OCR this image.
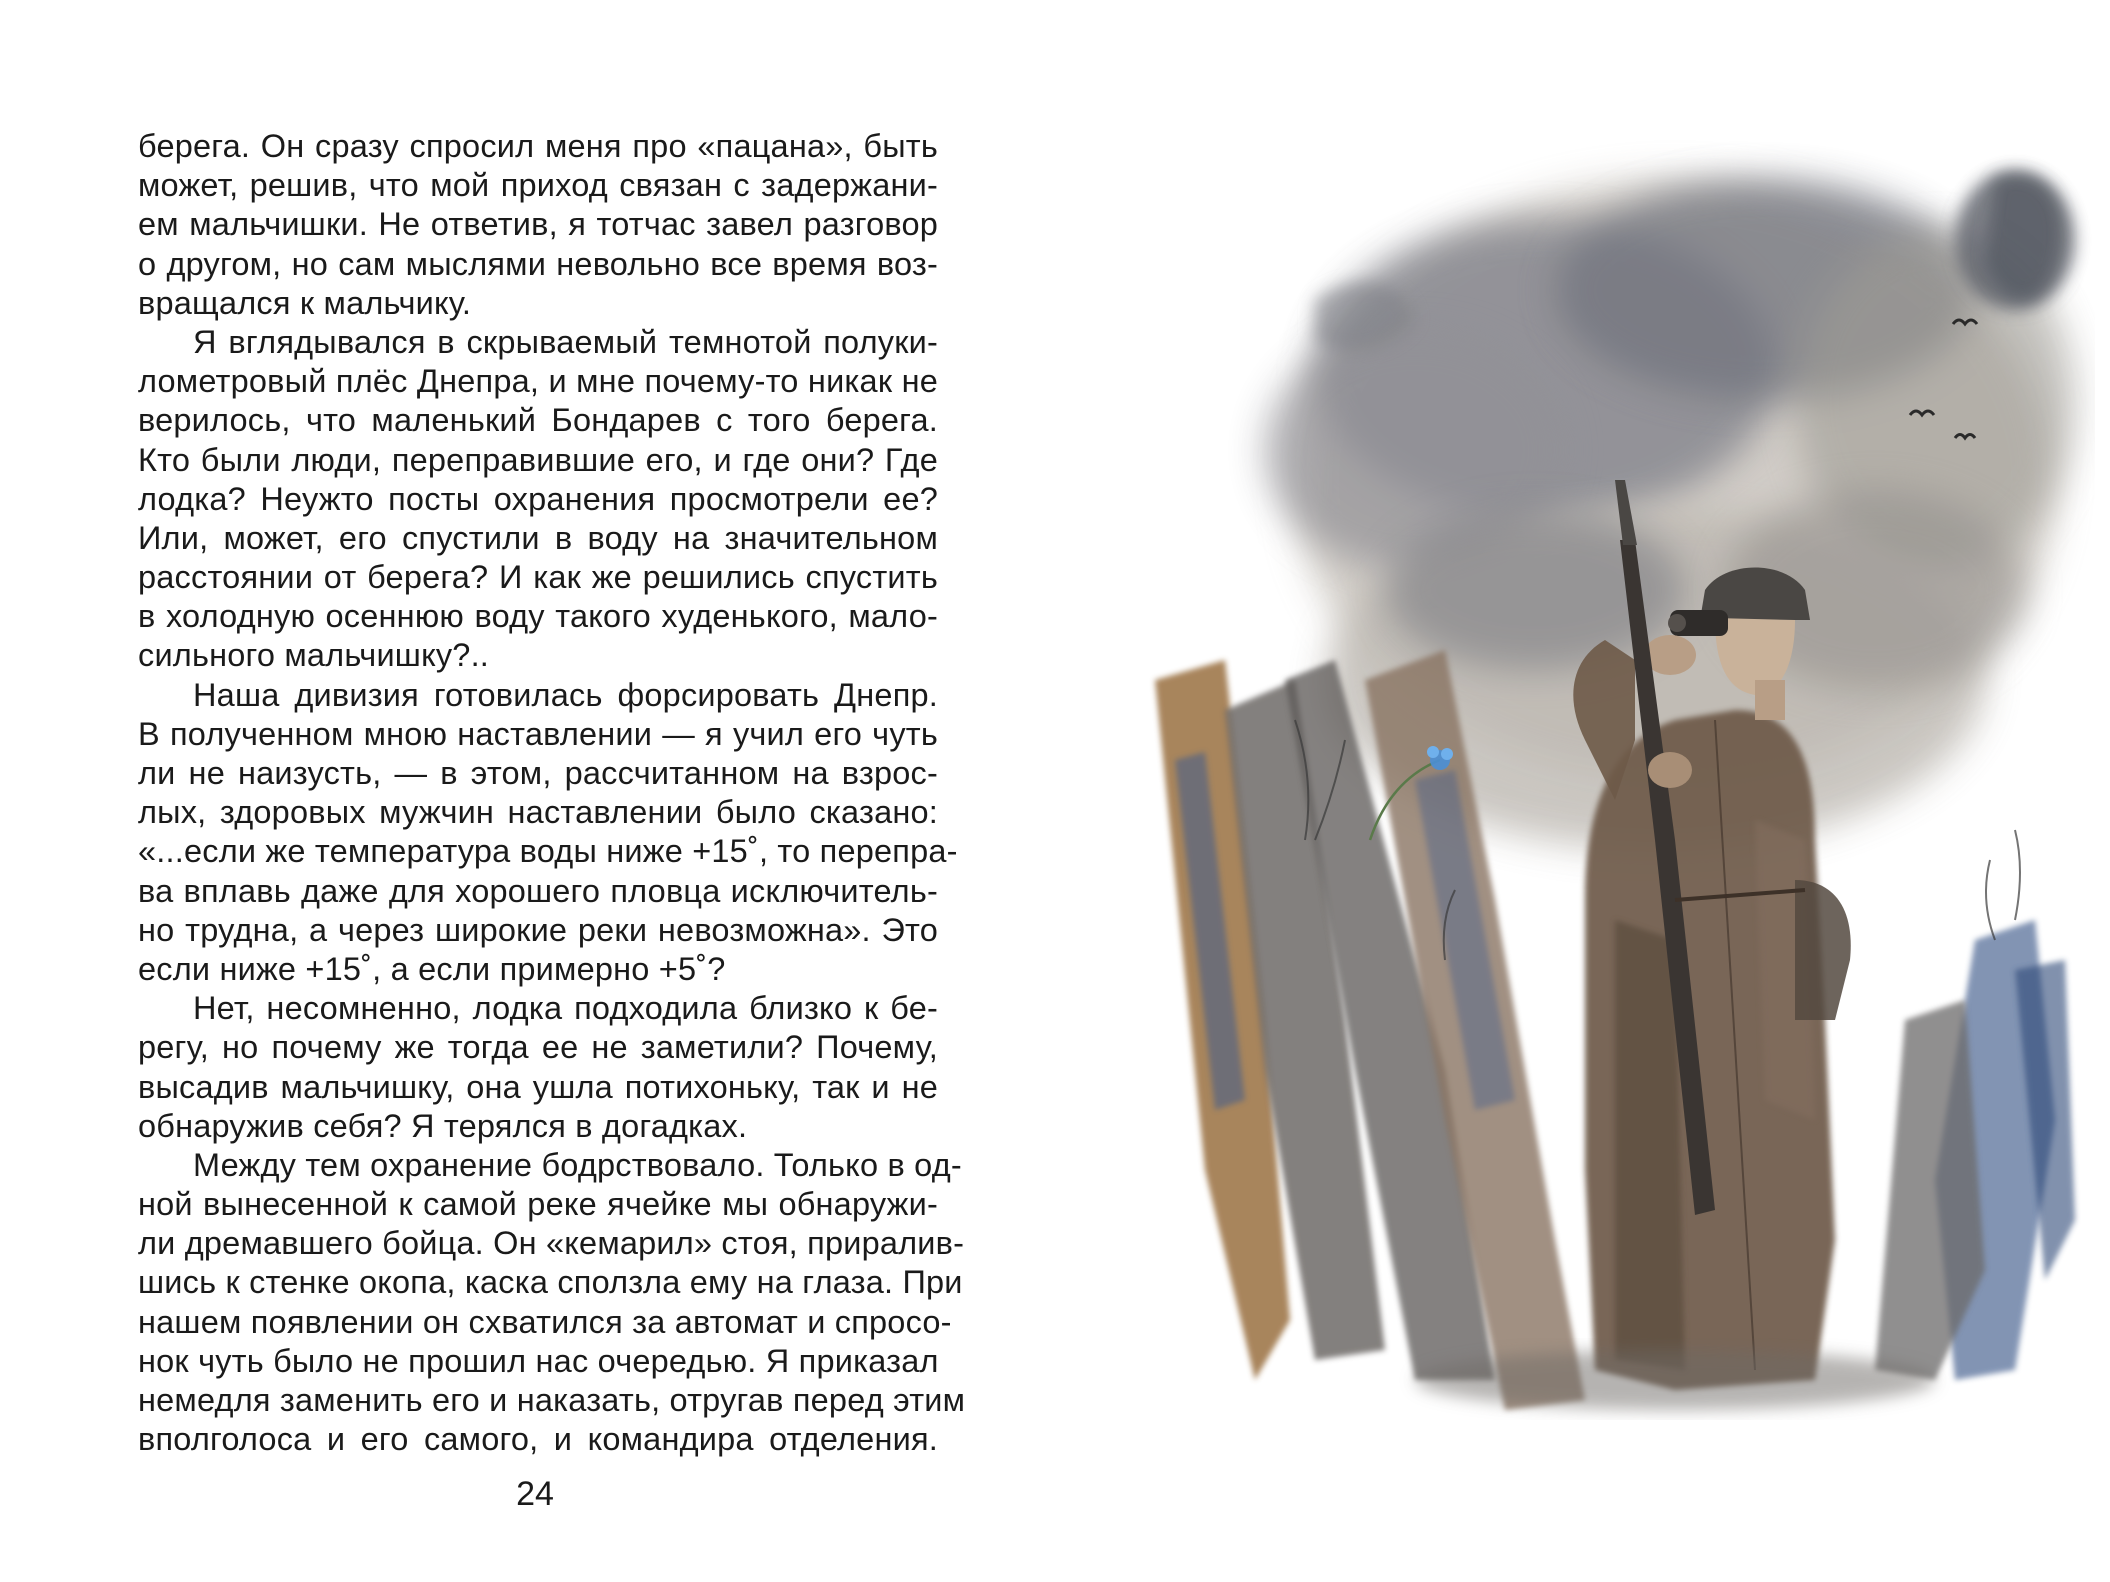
берега. Он сразу спросил меня про «пацана», быть
может, решив, что мой приход связан с задержани-
ем мальчишки. Не ответив, я тотчас завел разговор
о другом, но сам мыслями невольно все время воз-
вращался к мальчику.
Я вглядывался в скрываемый темнотой полуки-
лометровый плёс Днепра, и мне почему-то никак не
верилось, что маленький Бондарев с того берега.
Кто были люди, переправившие его, и где они? Где
лодка? Неужто посты охранения просмотрели ее?
Или, может, его спустили в воду на значительном
расстоянии от берега? И как же решились спустить
в холодную осеннюю воду такого худенького, мало-
сильного мальчишку?..
Наша дивизия готовилась форсировать Днепр.
В полученном мною наставлении — я учил его чуть
ли не наизусть, — в этом, рассчитанном на взрос-
лых, здоровых мужчин наставлении было сказано:
«...если же температура воды ниже +15˚, то перепра-
ва вплавь даже для хорошего пловца исключитель-
но трудна, а через широкие реки невозможна». Это
если ниже +15˚, а если примерно +5˚?
Нет, несомненно, лодка подходила близко к бе-
регу, но почему же тогда ее не заметили? Почему,
высадив мальчишку, она ушла потихоньку, так и не
обнаружив себя? Я терялся в догадках.
Между тем охранение бодрствовало. Только в од-
ной вынесенной к самой реке ячейке мы обнаружи-
ли дремавшего бойца. Он «кемарил» стоя, приралив-
шись к стенке окопа, каска сползла ему на глаза. При
нашем появлении он схватился за автомат и спросо-
нок чуть было не прошил нас очередью. Я приказал
немедля заменить его и наказать, отругав перед этим
вполголоса и его самого, и командира отделения.
24
